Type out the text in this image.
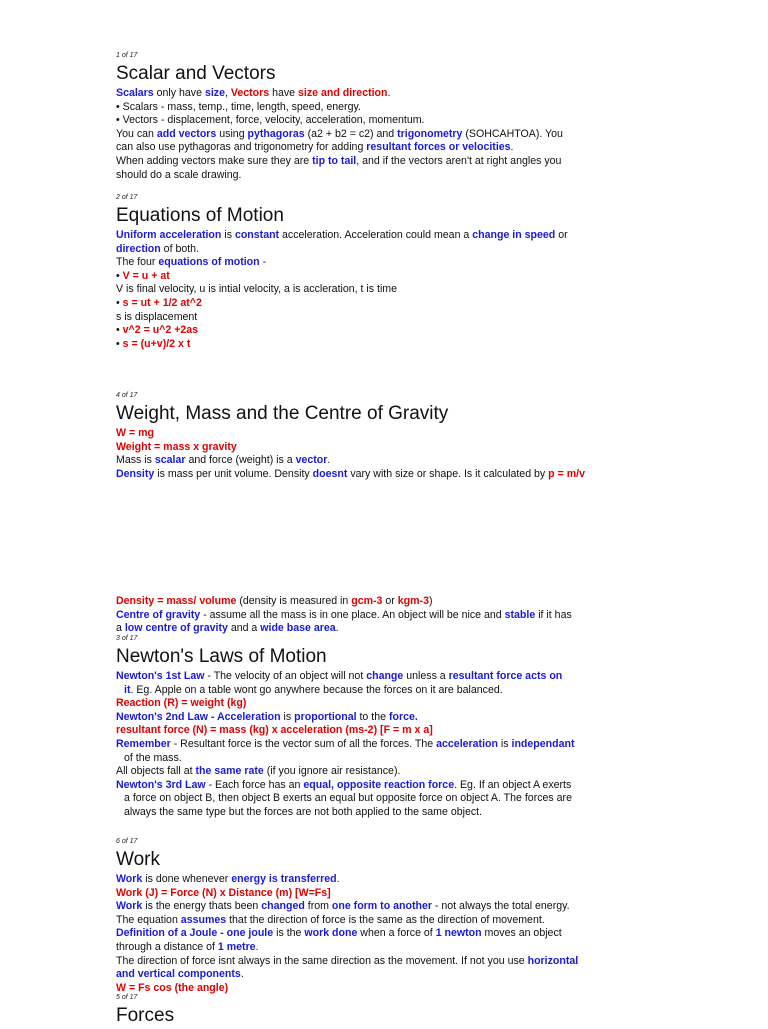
1 of 17

Scalar and Vectors
Scalars only have size, Vectors have size and direction.
• Scalars - mass, temp., time, length, speed, energy.
• Vectors - displacement, force, velocity, acceleration, momentum.
You can add vectors using pythagoras (a2 + b2 = c2) and trigonometry (SOHCAHTOA). You
can also use pythagoras and trigonometry for adding resultant forces or velocities.
When adding vectors make sure they are tip to tail, and if the vectors aren't at right angles you
should do a scale drawing.

2 of 17

Equations of Motion
Uniform acceleration is constant acceleration. Acceleration could mean a change in speed or
direction of both.
The four equations of motion -
• V = u + at
V is final velocity, u is intial velocity, a is accleration, t is time
• s = ut + 1/2 at^2
s is displacement
• v^2 = u^2 +2as
• s = (u+v)/2 x t

4 of 17

Weight, Mass and the Centre of Gravity
W = mg
Weight = mass x gravity
Mass is scalar and force (weight) is a vector.
Density is mass per unit volume. Density doesnt vary with size or shape. Is it calculated by p = m/v
Density = mass/ volume (density is measured in gcm-3 or kgm-3)
Centre of gravity - assume all the mass is in one place. An object will be nice and stable if it has
a low centre of gravity and a wide base area.

3 of 17

Newton's Laws of Motion
Newton's 1st Law - The velocity of an object will not change unless a resultant force acts on
it. Eg. Apple on a table wont go anywhere because the forces on it are balanced.
Reaction (R) = weight (kg)
Newton's 2nd Law - Acceleration is proportional to the force.
resultant force (N) = mass (kg) x acceleration (ms-2) [F = m x a]
Remember - Resultant force is the vector sum of all the forces. The acceleration is independant
of the mass.
All objects fall at the same rate (if you ignore air resistance).
Newton's 3rd Law - Each force has an equal, opposite reaction force. Eg. If an object A exerts
a force on object B, then object B exerts an equal but opposite force on object A. The forces are
always the same type but the forces are not both applied to the same object.

6 of 17

Work
Work is done whenever energy is transferred.
Work (J) = Force (N) x Distance (m) [W=Fs]
Work is the energy thats been changed from one form to another - not always the total energy.
The equation assumes that the direction of force is the same as the direction of movement.
Definition of a Joule - one joule is the work done when a force of 1 newton moves an object
through a distance of 1 metre.
The direction of force isnt always in the same direction as the movement. If not you use horizontal
and vertical components.
W = Fs cos (the angle)

5 of 17

Forces
